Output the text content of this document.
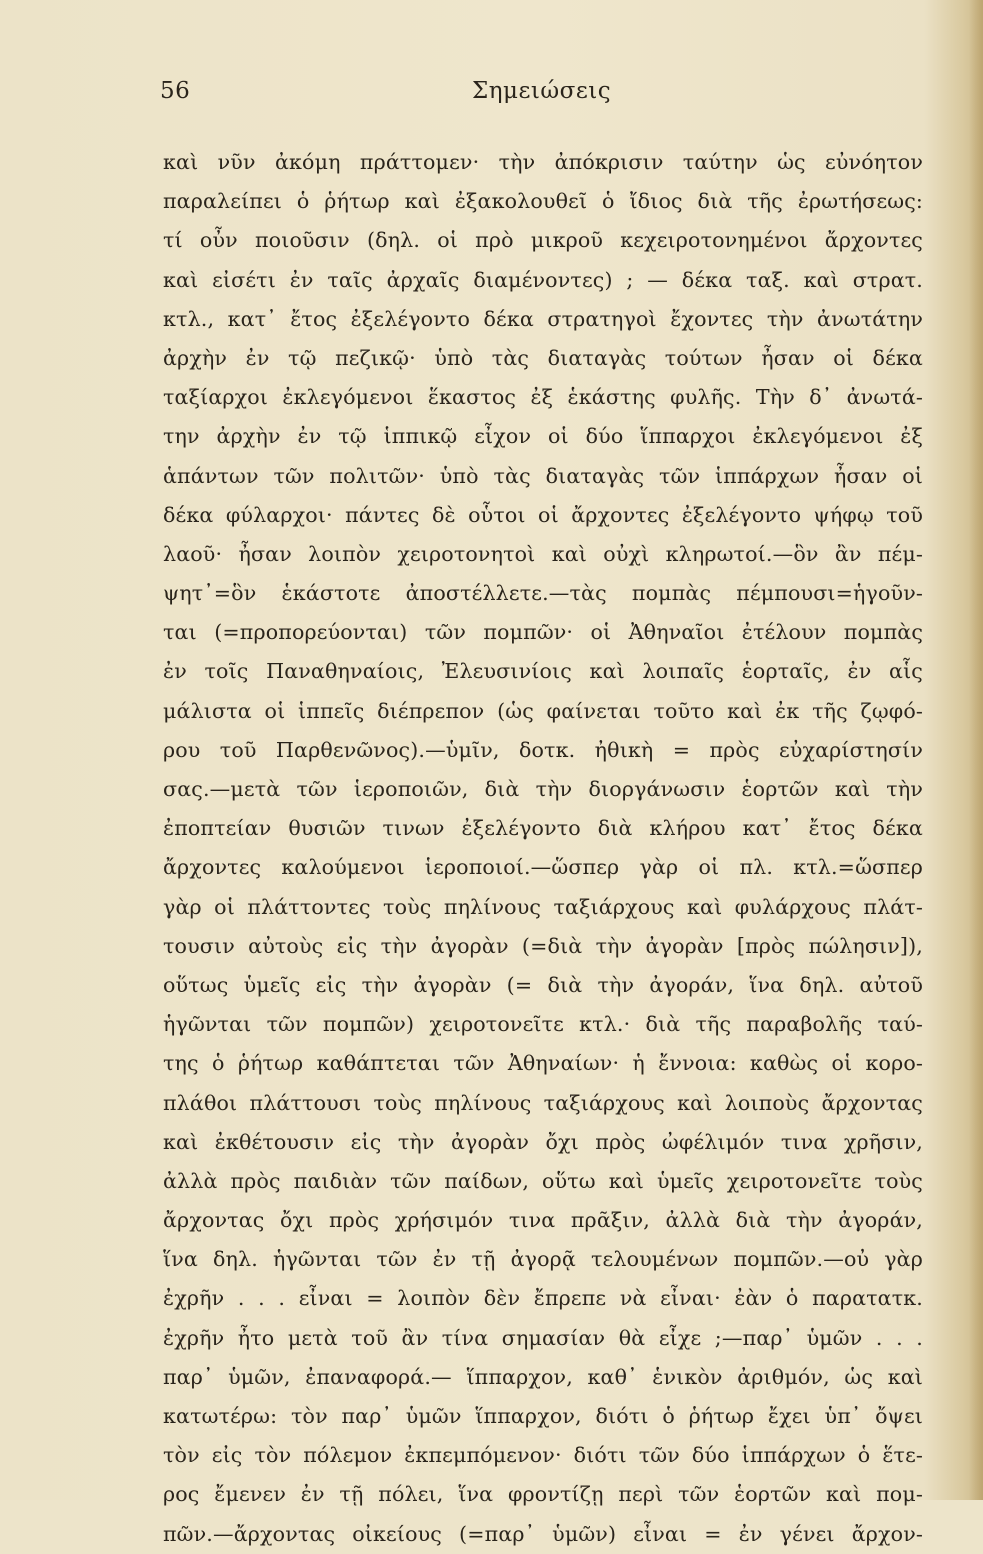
56	Σημειώσεις
καὶ νῦν ἀκόμη πράττομεν· τὴν ἀπόκρισιν ταύτην ὡς εὐνόητον
παραλείπει ὁ ῥήτωρ καὶ ἐξακολουθεῖ ὁ ἴδιος διὰ τῆς ἐρωτήσεως:
τί οὖν ποιοῦσιν (δηλ. οἱ πρὸ μικροῦ κεχειροτονημένοι ἄρχοντες
καὶ εἰσέτι ἐν ταῖς ἀρχαῖς διαμένοντες) ; — δέκα ταξ. καὶ στρατ.
κτλ., κατ᾽ ἔτος ἐξελέγοντο δέκα στρατηγοὶ ἔχοντες τὴν ἀνωτάτην
ἀρχὴν ἐν τῷ πεζικῷ· ὑπὸ τὰς διαταγὰς τούτων ἦσαν οἱ δέκα
ταξίαρχοι ἐκλεγόμενοι ἕκαστος ἐξ ἑκάστης φυλῆς. Τὴν δ᾽ ἀνωτά-
την ἀρχὴν ἐν τῷ ἱππικῷ εἶχον οἱ δύο ἵππαρχοι ἐκλεγόμενοι ἐξ
ἁπάντων τῶν πολιτῶν· ὑπὸ τὰς διαταγὰς τῶν ἱππάρχων ἦσαν οἱ
δέκα φύλαρχοι· πάντες δὲ οὗτοι οἱ ἄρχοντες ἐξελέγοντο ψήφῳ τοῦ
λαοῦ· ἦσαν λοιπὸν χειροτονητοὶ καὶ οὐχὶ κληρωτοί.—ὃν ἂν πέμ-
ψητ᾽=ὃν ἑκάστοτε ἀποστέλλετε.—τὰς πομπὰς πέμπουσι=ἡγοῦν-
ται (=προπορεύονται) τῶν πομπῶν· οἱ Ἀθηναῖοι ἐτέλουν πομπὰς
ἐν τοῖς Παναθηναίοις, Ἐλευσινίοις καὶ λοιπαῖς ἑορταῖς, ἐν αἷς
μάλιστα οἱ ἱππεῖς διέπρεπον (ὡς φαίνεται τοῦτο καὶ ἐκ τῆς ζῳφό-
ρου τοῦ Παρθενῶνος).—ὑμῖν, δοτκ. ἠθικὴ = πρὸς εὐχαρίστησίν
σας.—μετὰ τῶν ἱεροποιῶν, διὰ τὴν διοργάνωσιν ἑορτῶν καὶ τὴν
ἐποπτείαν θυσιῶν τινων ἐξελέγοντο διὰ κλήρου κατ᾽ ἔτος δέκα
ἄρχοντες καλούμενοι ἱεροποιοί.—ὥσπερ γὰρ οἱ πλ. κτλ.=ὥσπερ
γὰρ οἱ πλάττοντες τοὺς πηλίνους ταξιάρχους καὶ φυλάρχους πλάτ-
τουσιν αὐτοὺς εἰς τὴν ἀγορὰν (=διὰ τὴν ἀγορὰν [πρὸς πώλησιν]),
οὕτως ὑμεῖς εἰς τὴν ἀγορὰν (= διὰ τὴν ἀγοράν, ἵνα δηλ. αὐτοῦ
ἡγῶνται τῶν πομπῶν) χειροτονεῖτε κτλ.· διὰ τῆς παραβολῆς ταύ-
της ὁ ῥήτωρ καθάπτεται τῶν Ἀθηναίων· ἡ ἔννοια: καθὼς οἱ κορο-
πλάθοι πλάττουσι τοὺς πηλίνους ταξιάρχους καὶ λοιποὺς ἄρχοντας
καὶ ἐκθέτουσιν εἰς τὴν ἀγορὰν ὄχι πρὸς ὠφέλιμόν τινα χρῆσιν,
ἀλλὰ πρὸς παιδιὰν τῶν παίδων, οὕτω καὶ ὑμεῖς χειροτονεῖτε τοὺς
ἄρχοντας ὄχι πρὸς χρήσιμόν τινα πρᾶξιν, ἀλλὰ διὰ τὴν ἀγοράν,
ἵνα δηλ. ἡγῶνται τῶν ἐν τῇ ἀγορᾷ τελουμένων πομπῶν.—οὐ γὰρ
ἐχρῆν . . . εἶναι = λοιπὸν δὲν ἔπρεπε νὰ εἶναι· ἐὰν ὁ παρατατκ.
ἐχρῆν ἦτο μετὰ τοῦ ἂν τίνα σημασίαν θὰ εἶχε ;—παρ᾽ ὑμῶν . . .
παρ᾽ ὑμῶν, ἐπαναφορά.— ἵππαρχον, καθ᾽ ἑνικὸν ἀριθμόν, ὡς καὶ
κατωτέρω: τὸν παρ᾽ ὑμῶν ἵππαρχον, διότι ὁ ῥήτωρ ἔχει ὑπ᾽ ὄψει
τὸν εἰς τὸν πόλεμον ἐκπεμπόμενον· διότι τῶν δύο ἱππάρχων ὁ ἕτε-
ρος ἔμενεν ἐν τῇ πόλει, ἵνα φροντίζῃ περὶ τῶν ἑορτῶν καὶ πομ-
πῶν.—ἄρχοντας οἰκείους (=παρ᾽ ὑμῶν) εἶναι = ἐν γένει ἄρχον-
